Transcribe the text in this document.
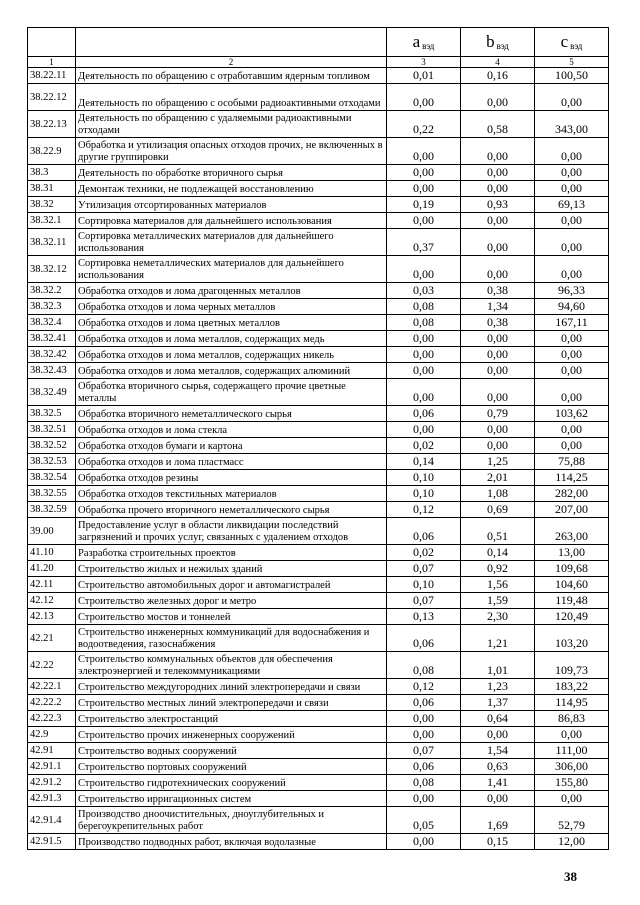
		a $_{вэд}$	b $_{вэд}$	c $_{вэд}$
1	2	3	4	5
38.22.11	Деятельность по обращению с отработавшим ядерным топливом	0,01	0,16	100,50
38.22.12	Деятельность по обращению с особыми радиоактивными отходами	0,00	0,00	0,00
38.22.13	Деятельность по обращению с удаляемыми радиоактивными отходами	0,22	0,58	343,00
38.22.9	Обработка и утилизация опасных отходов прочих, не включенных в другие группировки	0,00	0,00	0,00
38.3	Деятельность по обработке вторичного сырья	0,00	0,00	0,00
38.31	Демонтаж техники, не подлежащей восстановлению	0,00	0,00	0,00
38.32	Утилизация отсортированных материалов	0,19	0,93	69,13
38.32.1	Сортировка материалов для дальнейшего использования	0,00	0,00	0,00
38.32.11	Сортировка металлических материалов для дальнейшего использования	0,37	0,00	0,00
38.32.12	Сортировка неметаллических материалов для дальнейшего использования	0,00	0,00	0,00
38.32.2	Обработка отходов и лома драгоценных металлов	0,03	0,38	96,33
38.32.3	Обработка отходов и лома черных металлов	0,08	1,34	94,60
38.32.4	Обработка отходов и лома цветных металлов	0,08	0,38	167,11
38.32.41	Обработка отходов и лома металлов, содержащих медь	0,00	0,00	0,00
38.32.42	Обработка отходов и лома металлов, содержащих никель	0,00	0,00	0,00
38.32.43	Обработка отходов и лома металлов, содержащих алюминий	0,00	0,00	0,00
38.32.49	Обработка вторичного сырья, содержащего прочие цветные металлы	0,00	0,00	0,00
38.32.5	Обработка вторичного неметаллического сырья	0,06	0,79	103,62
38.32.51	Обработка отходов и лома стекла	0,00	0,00	0,00
38.32.52	Обработка отходов бумаги и картона	0,02	0,00	0,00
38.32.53	Обработка отходов и лома пластмасс	0,14	1,25	75,88
38.32.54	Обработка отходов резины	0,10	2,01	114,25
38.32.55	Обработка отходов текстильных материалов	0,10	1,08	282,00
38.32.59	Обработка прочего вторичного неметаллического сырья	0,12	0,69	207,00
39.00	Предоставление услуг в области ликвидации последствий загрязнений и прочих услуг, связанных с удалением отходов	0,06	0,51	263,00
41.10	Разработка строительных проектов	0,02	0,14	13,00
41.20	Строительство жилых и нежилых зданий	0,07	0,92	109,68
42.11	Строительство автомобильных дорог и автомагистралей	0,10	1,56	104,60
42.12	Строительство железных дорог и метро	0,07	1,59	119,48
42.13	Строительство мостов и тоннелей	0,13	2,30	120,49
42.21	Строительство инженерных коммуникаций для водоснабжения и водоотведения, газоснабжения	0,06	1,21	103,20
42.22	Строительство коммунальных объектов для обеспечения электроэнергией и телекоммуникациями	0,08	1,01	109,73
42.22.1	Строительство междугородних линий электропередачи и связи	0,12	1,23	183,22
42.22.2	Строительство местных линий электропередачи и связи	0,06	1,37	114,95
42.22.3	Строительство электростанций	0,00	0,64	86,83
42.9	Строительство прочих инженерных сооружений	0,00	0,00	0,00
42.91	Строительство водных сооружений	0,07	1,54	111,00
42.91.1	Строительство портовых сооружений	0,06	0,63	306,00
42.91.2	Строительство гидротехнических сооружений	0,08	1,41	155,80
42.91.3	Строительство ирригационных систем	0,00	0,00	0,00
42.91.4	Производство дноочистительных, дноуглубительных и берегоукрепительных работ	0,05	1,69	52,79
42.91.5	Производство подводных работ, включая водолазные	0,00	0,15	12,00
38
